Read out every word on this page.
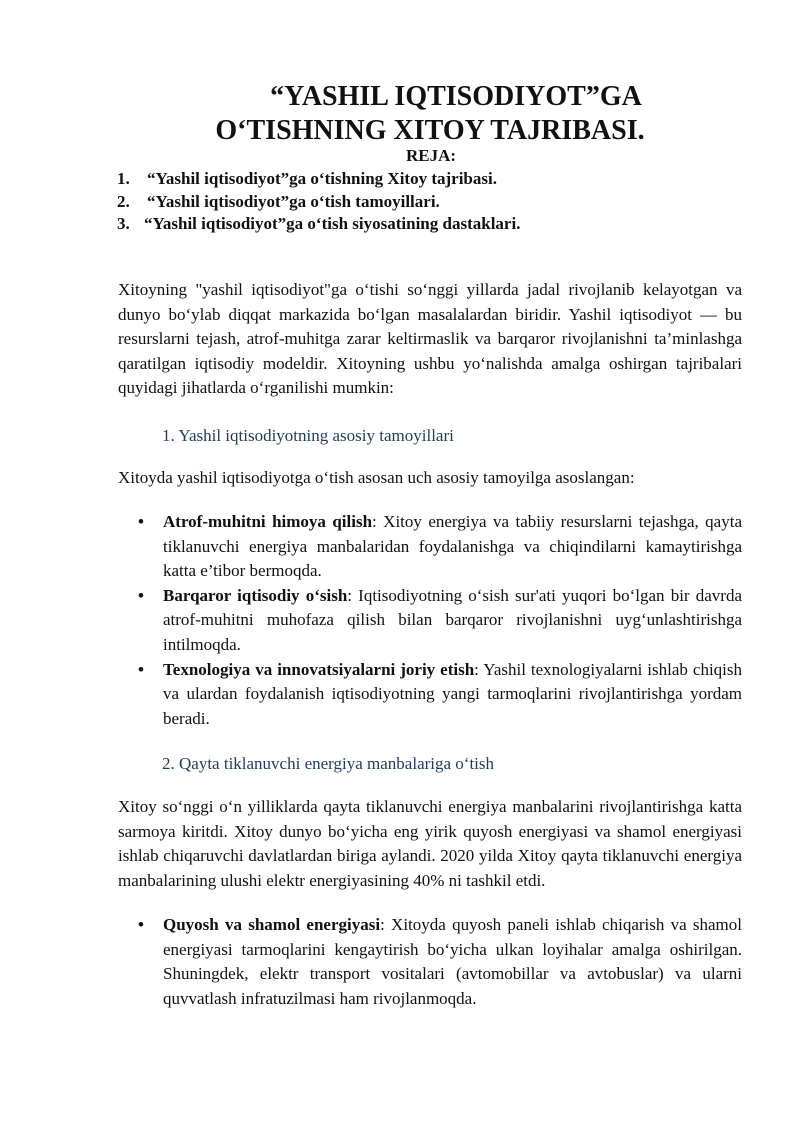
“YASHIL IQTISODIYOT”GA
O‘TISHNING XITOY TAJRIBASI.
REJA:
1. “Yashil iqtisodiyot”ga o‘tishning Xitoy tajribasi.
2. “Yashil iqtisodiyot”ga o‘tish tamoyillari.
3. “Yashil iqtisodiyot”ga o‘tish siyosatining dastaklari.

Xitoyning "yashil iqtisodiyot"ga o‘tishi so‘nggi yillarda jadal rivojlanib kelayotgan va dunyo bo‘ylab diqqat markazida bo‘lgan masalalardan biridir. Yashil iqtisodiyot — bu resurslarni tejash, atrof-muhitga zarar keltirmaslik va barqaror rivojlanishni ta’minlashga qaratilgan iqtisodiy modeldir. Xitoyning ushbu yo‘nalishda amalga oshirgan tajribalari quyidagi jihatlarda o‘rganilishi mumkin:

1. Yashil iqtisodiyotning asosiy tamoyillari

Xitoyda yashil iqtisodiyotga o‘tish asosan uch asosiy tamoyilga asoslangan:

• Atrof-muhitni himoya qilish: Xitoy energiya va tabiiy resurslarni tejashga, qayta tiklanuvchi energiya manbalaridan foydalanishga va chiqindilarni kamaytirishga katta e’tibor bermoqda.
• Barqaror iqtisodiy o‘sish: Iqtisodiyotning o‘sish sur'ati yuqori bo‘lgan bir davrda atrof-muhitni muhofaza qilish bilan barqaror rivojlanishni uyg‘unlashtirishga intilmoqda.
• Texnologiya va innovatsiyalarni joriy etish: Yashil texnologiyalarni ishlab chiqish va ulardan foydalanish iqtisodiyotning yangi tarmoqlarini rivojlantirishga yordam beradi.

2. Qayta tiklanuvchi energiya manbalariga o‘tish

Xitoy so‘nggi o‘n yilliklarda qayta tiklanuvchi energiya manbalarini rivojlantirishga katta sarmoya kiritdi. Xitoy dunyo bo‘yicha eng yirik quyosh energiyasi va shamol energiyasi ishlab chiqaruvchi davlatlardan biriga aylandi. 2020 yilda Xitoy qayta tiklanuvchi energiya manbalarining ulushi elektr energiyasining 40% ni tashkil etdi.

• Quyosh va shamol energiyasi: Xitoyda quyosh paneli ishlab chiqarish va shamol energiyasi tarmoqlarini kengaytirish bo‘yicha ulkan loyihalar amalga oshirilgan. Shuningdek, elektr transport vositalari (avtomobillar va avtobuslar) va ularni quvvatlash infratuzilmasi ham rivojlanmoqda.
